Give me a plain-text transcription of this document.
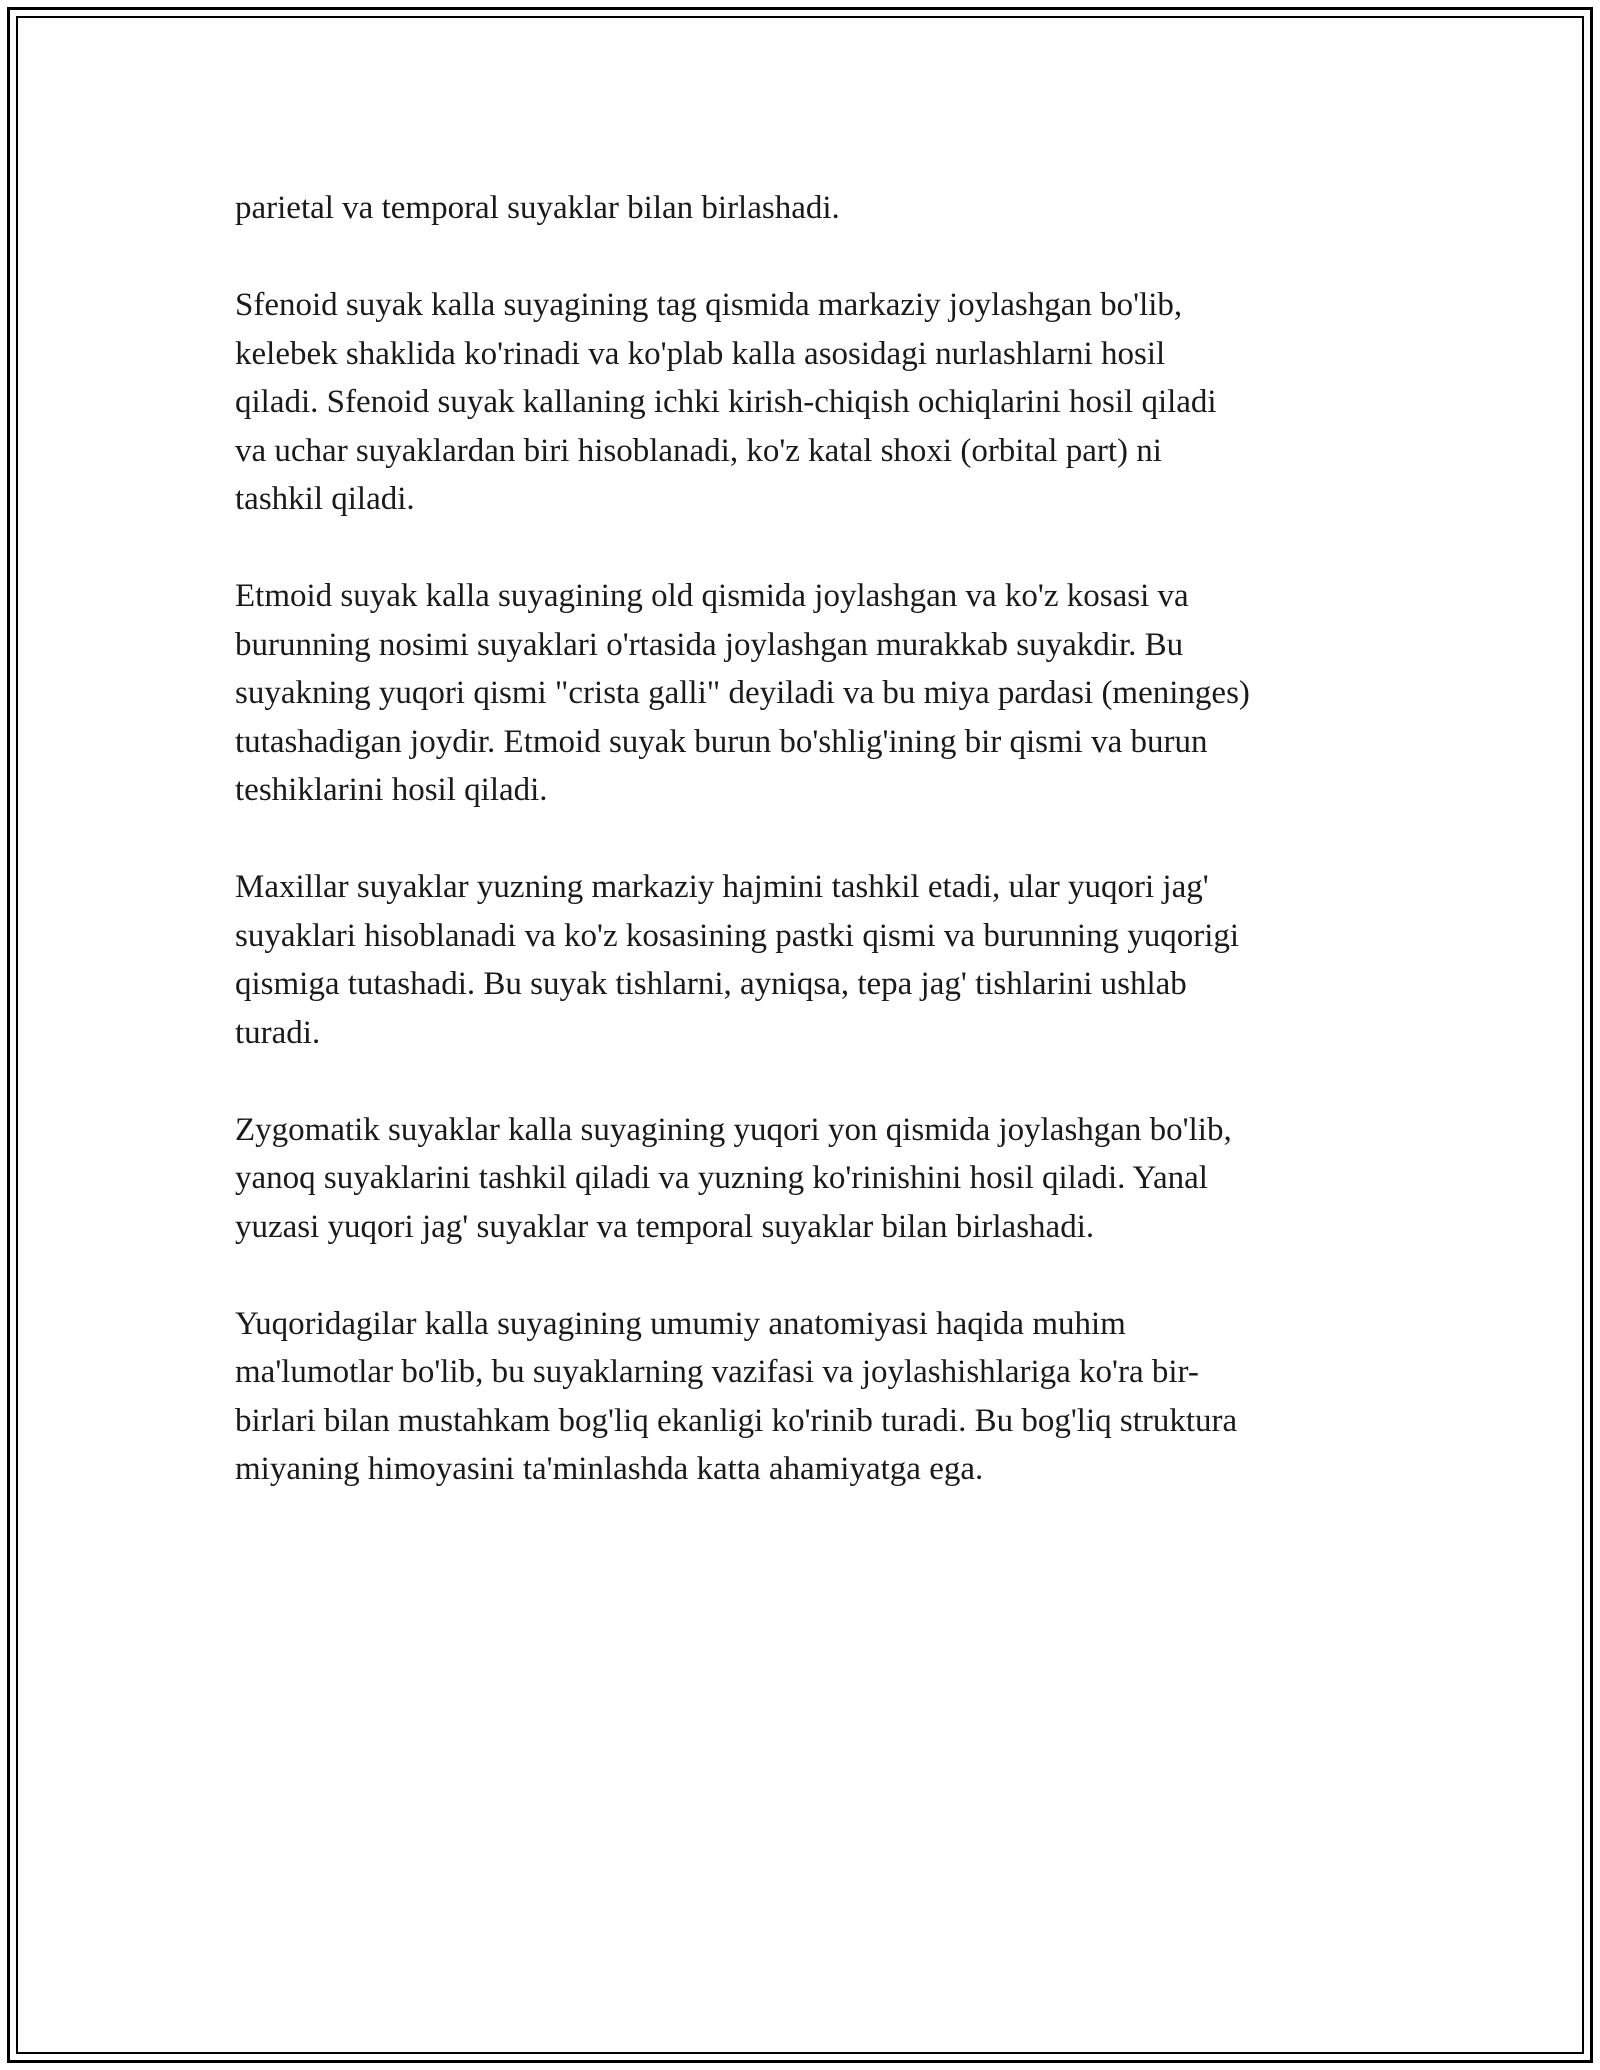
parietal va temporal suyaklar bilan birlashadi.

Sfenoid suyak kalla suyagining tag qismida markaziy joylashgan bo'lib,
kelebek shaklida ko'rinadi va ko'plab kalla asosidagi nurlashlarni hosil
qiladi. Sfenoid suyak kallaning ichki kirish-chiqish ochiqlarini hosil qiladi
va uchar suyaklardan biri hisoblanadi, ko'z katal shoxi (orbital part) ni
tashkil qiladi.

Etmoid suyak kalla suyagining old qismida joylashgan va ko'z kosasi va
burunning nosimi suyaklari o'rtasida joylashgan murakkab suyakdir. Bu
suyakning yuqori qismi "crista galli" deyiladi va bu miya pardasi (meninges)
tutashadigan joydir. Etmoid suyak burun bo'shlig'ining bir qismi va burun
teshiklarini hosil qiladi.

Maxillar suyaklar yuzning markaziy hajmini tashkil etadi, ular yuqori jag'
suyaklari hisoblanadi va ko'z kosasining pastki qismi va burunning yuqorigi
qismiga tutashadi. Bu suyak tishlarni, ayniqsa, tepa jag' tishlarini ushlab
turadi.

Zygomatik suyaklar kalla suyagining yuqori yon qismida joylashgan bo'lib,
yanoq suyaklarini tashkil qiladi va yuzning ko'rinishini hosil qiladi. Yanal
yuzasi yuqori jag' suyaklar va temporal suyaklar bilan birlashadi.

Yuqoridagilar kalla suyagining umumiy anatomiyasi haqida muhim
ma'lumotlar bo'lib, bu suyaklarning vazifasi va joylashishlariga ko'ra bir-
birlari bilan mustahkam bog'liq ekanligi ko'rinib turadi. Bu bog'liq struktura
miyaning himoyasini ta'minlashda katta ahamiyatga ega.
